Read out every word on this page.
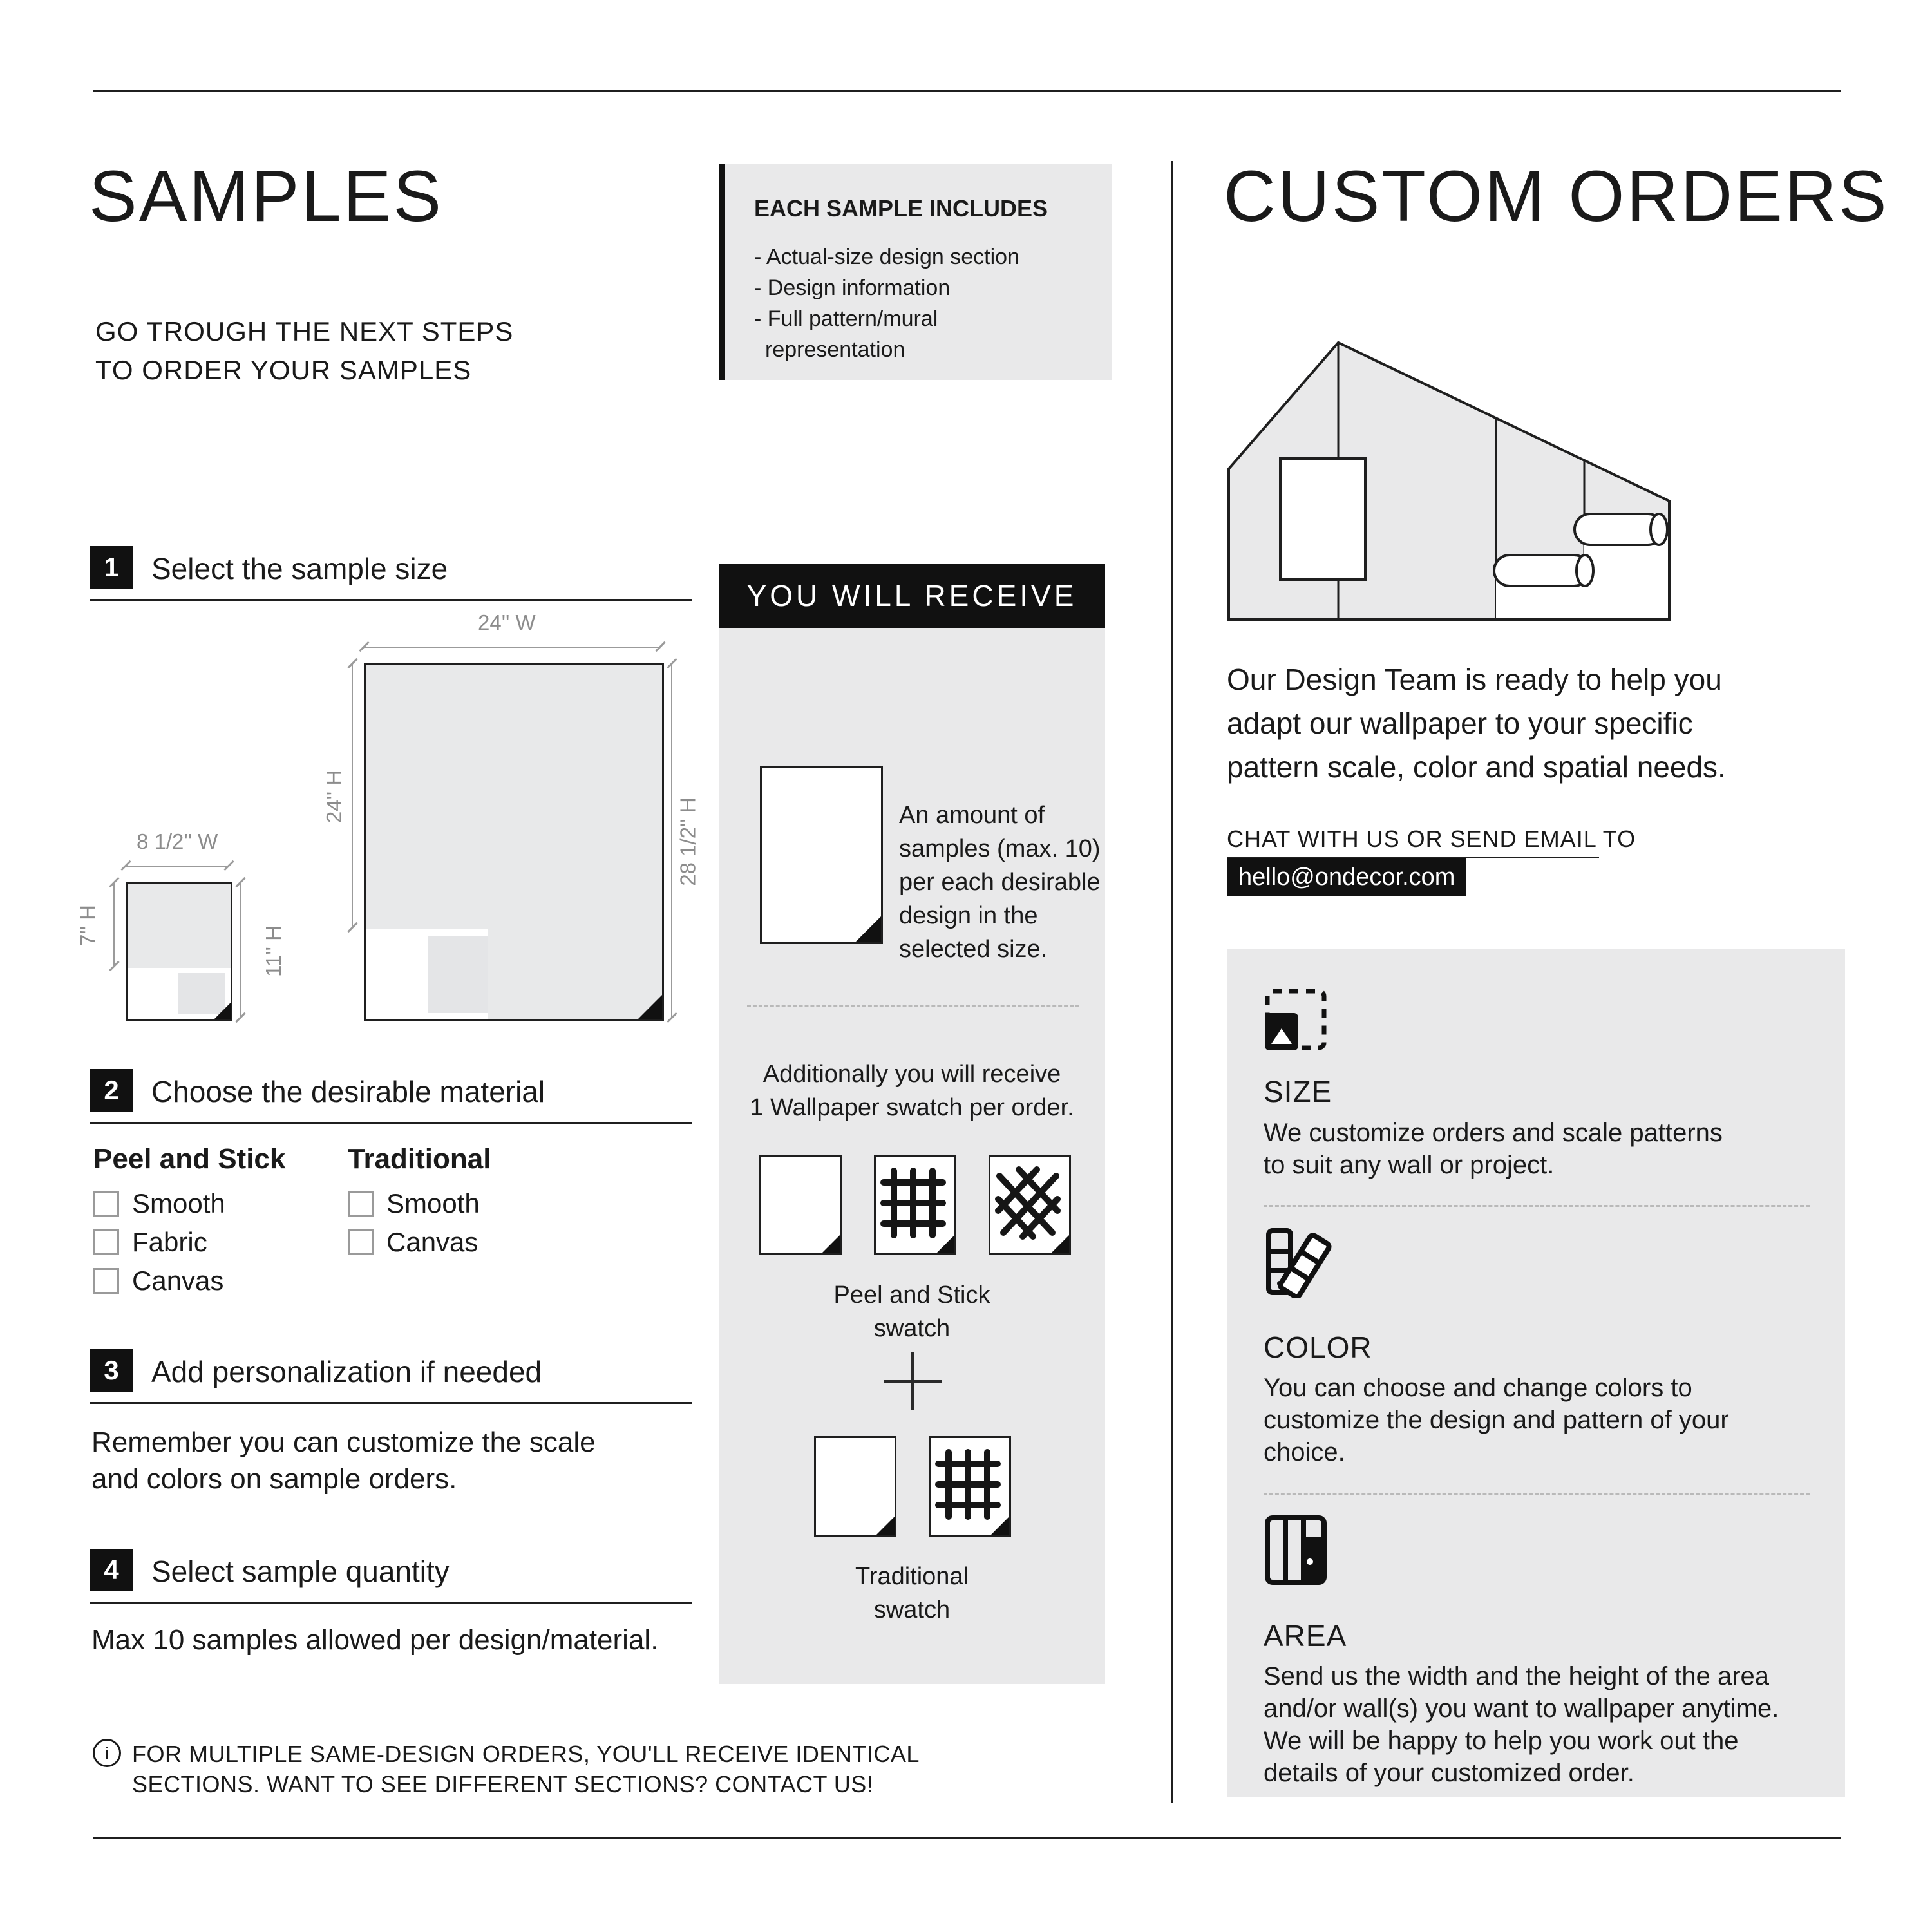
SAMPLES
GO TROUGH THE NEXT STEPS
TO ORDER YOUR SAMPLES
EACH SAMPLE INCLUDES
- Actual-size design section
- Design information
- Full pattern/mural
representation
1	Select the sample size
8 1/2'' W
7'' H
11'' H
24'' W
24'' H
28 1/2'' H
2	Choose the desirable material
Peel and Stick Traditional
Smooth
Fabric
Canvas
Smooth
Canvas
3	Add personalization if needed
Remember you can customize the scale
and colors on sample orders.
4	Select sample quantity
Max 10 samples allowed per design/material.
i FOR MULTIPLE SAME-DESIGN ORDERS, YOU'LL RECEIVE IDENTICAL
SECTIONS. WANT TO SEE DIFFERENT SECTIONS? CONTACT US!
YOU WILL RECEIVE
An amount of
samples (max. 10)
per each desirable
design in the
selected size.
Additionally you will receive
1 Wallpaper swatch per order.
Peel and Stick
swatch
Traditional
swatch
CUSTOM ORDERS
Our Design Team is ready to help you
adapt our wallpaper to your specific
pattern scale, color and spatial needs.
CHAT WITH US OR SEND EMAIL TO
hello@ondecor.com
SIZE
We customize orders and scale patterns
to suit any wall or project.
COLOR
You can choose and change colors to
customize the design and pattern of your
choice.
AREA
Send us the width and the height of the area
and/or wall(s) you want to wallpaper anytime.
We will be happy to help you work out the
details of your customized order.
